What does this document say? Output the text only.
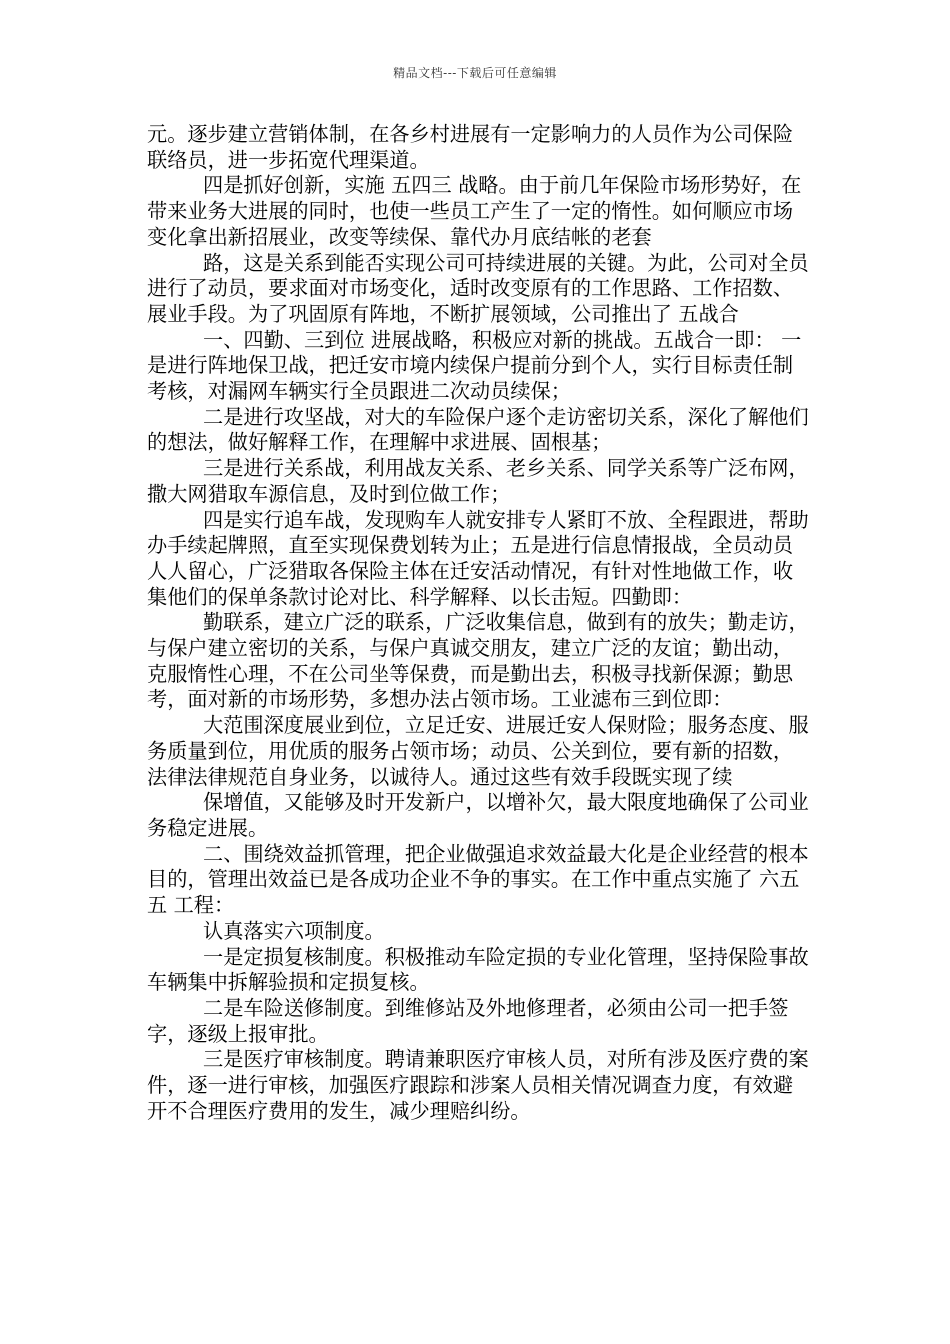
精品文档---下载后可任意编辑

元。逐步建立营销体制，在各乡村进展有一定影响力的人员作为公司保险联络员，进一步拓宽代理渠道。

四是抓好创新，实施 五四三 战略。由于前几年保险市场形势好，在带来业务大进展的同时，也使一些员工产生了一定的惰性。如何顺应市场变化拿出新招展业，改变等续保、靠代办月底结帐的老套

路，这是关系到能否实现公司可持续进展的关键。为此，公司对全员进行了动员，要求面对市场变化，适时改变原有的工作思路、工作招数、展业手段。为了巩固原有阵地，不断扩展领域，公司推出了 五战合

一、四勤、三到位 进展战略，积极应对新的挑战。五战合一即： 一是进行阵地保卫战，把迁安市境内续保户提前分到个人，实行目标责任制考核，对漏网车辆实行全员跟进二次动员续保；

二是进行攻坚战，对大的车险保户逐个走访密切关系，深化了解他们的想法，做好解释工作，在理解中求进展、固根基；

三是进行关系战，利用战友关系、老乡关系、同学关系等广泛布网，撒大网猎取车源信息，及时到位做工作；

四是实行追车战，发现购车人就安排专人紧盯不放、全程跟进，帮助办手续起牌照，直至实现保费划转为止；五是进行信息情报战，全员动员人人留心，广泛猎取各保险主体在迁安活动情况，有针对性地做工作，收集他们的保单条款讨论对比、科学解释、以长击短。四勤即：

勤联系，建立广泛的联系，广泛收集信息，做到有的放失；勤走访，与保户建立密切的关系，与保户真诚交朋友，建立广泛的友谊；勤出动，克服惰性心理，不在公司坐等保费，而是勤出去，积极寻找新保源；勤思考，面对新的市场形势，多想办法占领市场。工业滤布三到位即：

大范围深度展业到位，立足迁安、进展迁安人保财险；服务态度、服务质量到位，用优质的服务占领市场；动员、公关到位，要有新的招数，法律法律规范自身业务，以诚待人。通过这些有效手段既实现了续

保增值，又能够及时开发新户，以增补欠，最大限度地确保了公司业务稳定进展。

二、围绕效益抓管理，把企业做强追求效益最大化是企业经营的根本目的，管理出效益已是各成功企业不争的事实。在工作中重点实施了 六五五 工程：

认真落实六项制度。

一是定损复核制度。积极推动车险定损的专业化管理，坚持保险事故车辆集中拆解验损和定损复核。

二是车险送修制度。到维修站及外地修理者，必须由公司一把手签字，逐级上报审批。

三是医疗审核制度。聘请兼职医疗审核人员，对所有涉及医疗费的案件，逐一进行审核，加强医疗跟踪和涉案人员相关情况调查力度，有效避开不合理医疗费用的发生，减少理赔纠纷。
